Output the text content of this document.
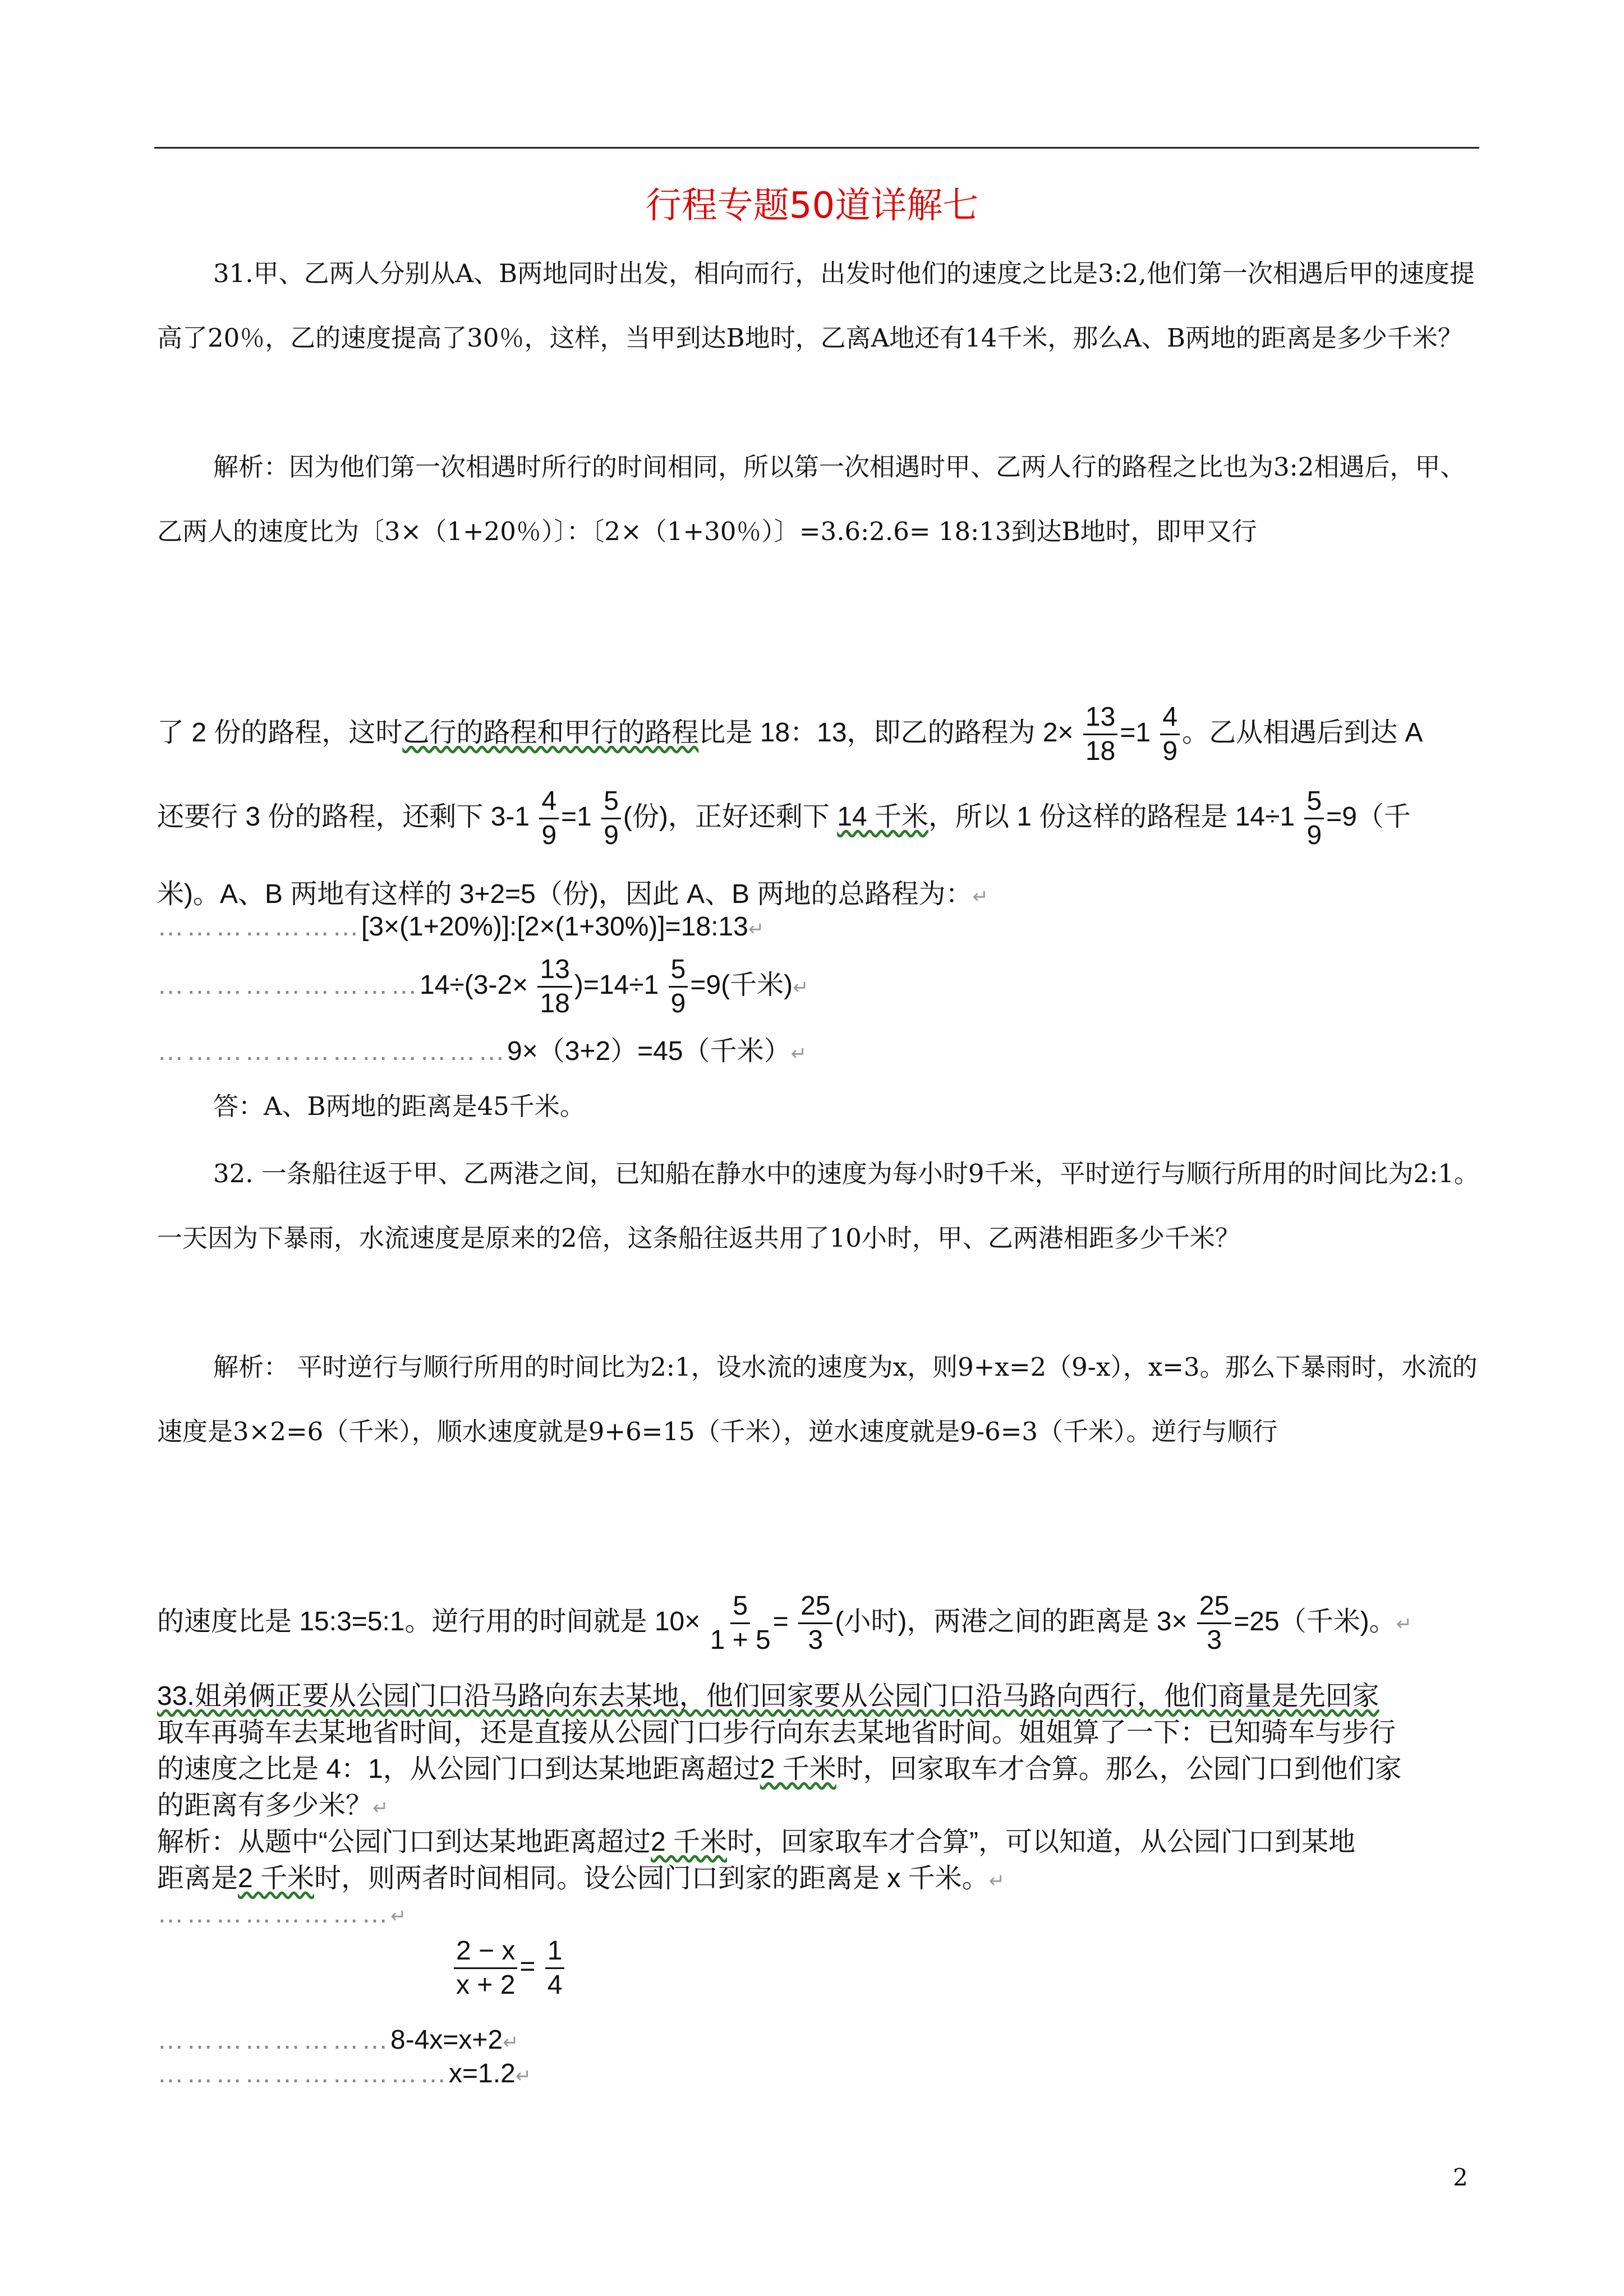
行程专题50道详解七

31.甲、乙两人分别从A、B两地同时出发，相向而行，出发时他们的速度之比是3:2,他们第一次相遇后甲的速度提高了20％，乙的速度提高了30％，这样，当甲到达B地时，乙离A地还有14千米，那么A、B两地的距离是多少千米？

解析：因为他们第一次相遇时所行的时间相同，所以第一次相遇时甲、乙两人行的路程之比也为3:2相遇后，甲、乙两人的速度比为〔3×（1+20％）〕：〔2×（1+30％）〕=3.6:2.6= 18:13到达B地时，即甲又行

了 2 份的路程，这时乙行的路程和甲行的路程比是 18：13，即乙的路程为 $2\times \frac{13}{18} =1 \frac{4}{9}$ 。乙从相遇后到达 A
还要行 3 份的路程，还剩下 $3-1 \frac{4}{9} =1 \frac{5}{9}$ (份)，正好还剩下 14 千米，所以 1 份这样的路程是 $14\div 1 \frac{5}{9} =9$（千
米)。A、B 两地有这样的 3+2=5（份)，因此 A、B 两地的总路程为：↵
…………………[3×(1+20%)]:[2×(1+30%)]=18:13↵
………………………14÷(3-2× $\frac{13}{18} )=14\div 1 \frac{5}{9} =9$(千米)↵
………………………………9×（3+2）=45（千米）↵

答：A、B两地的距离是45千米。

32. 一条船往返于甲、乙两港之间，已知船在静水中的速度为每小时9千米，平时逆行与顺行所用的时间比为2:1。一天因为下暴雨，水流速度是原来的2倍，这条船往返共用了10小时，甲、乙两港相距多少千米？

解析： 平时逆行与顺行所用的时间比为2:1，设水流的速度为x，则9+x=2（9-x），x=3。那么下暴雨时，水流的速度是3×2=6（千米），顺水速度就是9+6=15（千米），逆水速度就是9-6=3（千米）。逆行与顺行

的速度比是 15:3=5:1。逆行用的时间就是 $10\times \frac{5}{1 + 5} = \frac{25}{3}$ (小时)，两港之间的距离是 $3\times \frac{25}{3} =25$（千米)。↵
33.姐弟俩正要从公园门口沿马路向东去某地，他们回家要从公园门口沿马路向西行，他们商量是先回家
取车再骑车去某地省时间，还是直接从公园门口步行向东去某地省时间。姐姐算了一下：已知骑车与步行
的速度之比是 4：1，从公园门口到达某地距离超过2 千米时，回家取车才合算。那么，公园门口到他们家
的距离有多少米？↵
解析：从题中“公园门口到达某地距离超过2 千米时，回家取车才合算”，可以知道，从公园门口到某地
距离是2 千米时，则两者时间相同。设公园门口到家的距离是 x 千米。↵
……………………↵
$\frac{2 - x}{x + 2} = \frac{1}{4}$
……………………8-4x=x+2↵
…………………………x=1.2↵
2
